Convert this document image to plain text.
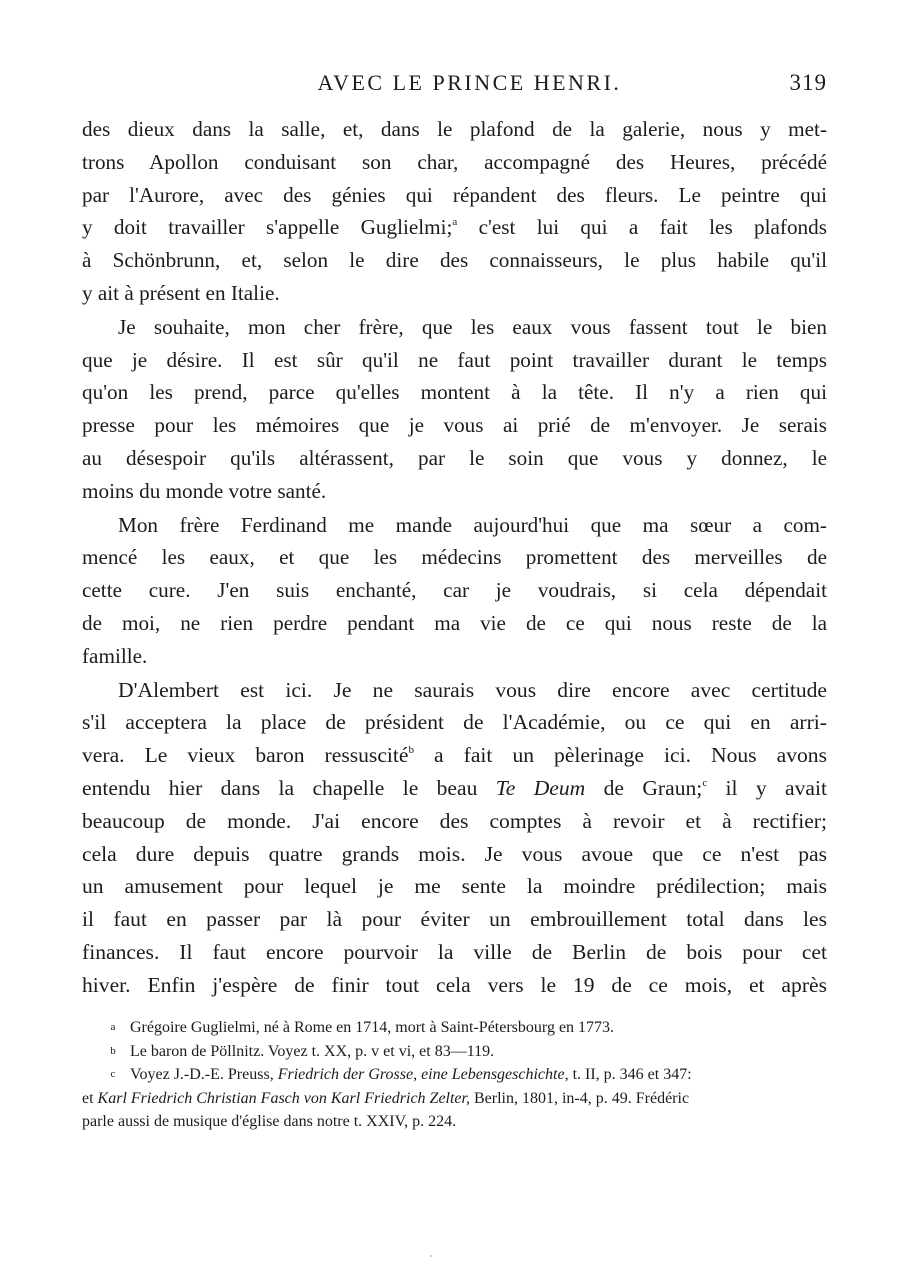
AVEC LE PRINCE HENRI.	319
des dieux dans la salle, et, dans le plafond de la galerie, nous y met-
trons Apollon conduisant son char, accompagné des Heures, précédé
par l'Aurore, avec des génies qui répandent des fleurs. Le peintre qui
y doit travailler s'appelle Guglielmi;$^a$ c'est lui qui a fait les plafonds
à Schönbrunn, et, selon le dire des connaisseurs, le plus habile qu'il
y ait à présent en Italie.
Je souhaite, mon cher frère, que les eaux vous fassent tout le bien
que je désire. Il est sûr qu'il ne faut point travailler durant le temps
qu'on les prend, parce qu'elles montent à la tête. Il n'y a rien qui
presse pour les mémoires que je vous ai prié de m'envoyer. Je serais
au désespoir qu'ils altérassent, par le soin que vous y donnez, le
moins du monde votre santé.
Mon frère Ferdinand me mande aujourd'hui que ma sœur a com-
mencé les eaux, et que les médecins promettent des merveilles de
cette cure. J'en suis enchanté, car je voudrais, si cela dépendait
de moi, ne rien perdre pendant ma vie de ce qui nous reste de la
famille.
D'Alembert est ici. Je ne saurais vous dire encore avec certitude
s'il acceptera la place de président de l'Académie, ou ce qui en arri-
vera. Le vieux baron ressuscité$^b$ a fait un pèlerinage ici. Nous avons
entendu hier dans la chapelle le beau Te Deum de Graun;$^c$ il y avait
beaucoup de monde. J'ai encore des comptes à revoir et à rectifier;
cela dure depuis quatre grands mois. Je vous avoue que ce n'est pas
un amusement pour lequel je me sente la moindre prédilection; mais
il faut en passer par là pour éviter un embrouillement total dans les
finances. Il faut encore pourvoir la ville de Berlin de bois pour cet
hiver. Enfin j'espère de finir tout cela vers le 19 de ce mois, et après
a Grégoire Guglielmi, né à Rome en 1714, mort à Saint-Pétersbourg en 1773.
b Le baron de Pöllnitz. Voyez t. XX, p. v et vi, et 83—119.
c Voyez J.-D.-E. Preuss, Friedrich der Grosse, eine Lebensgeschichte, t. II, p. 346 et 347:
et Karl Friedrich Christian Fasch von Karl Friedrich Zelter, Berlin, 1801, in-4, p. 49. Frédéric
parle aussi de musique d'église dans notre t. XXIV, p. 224.
